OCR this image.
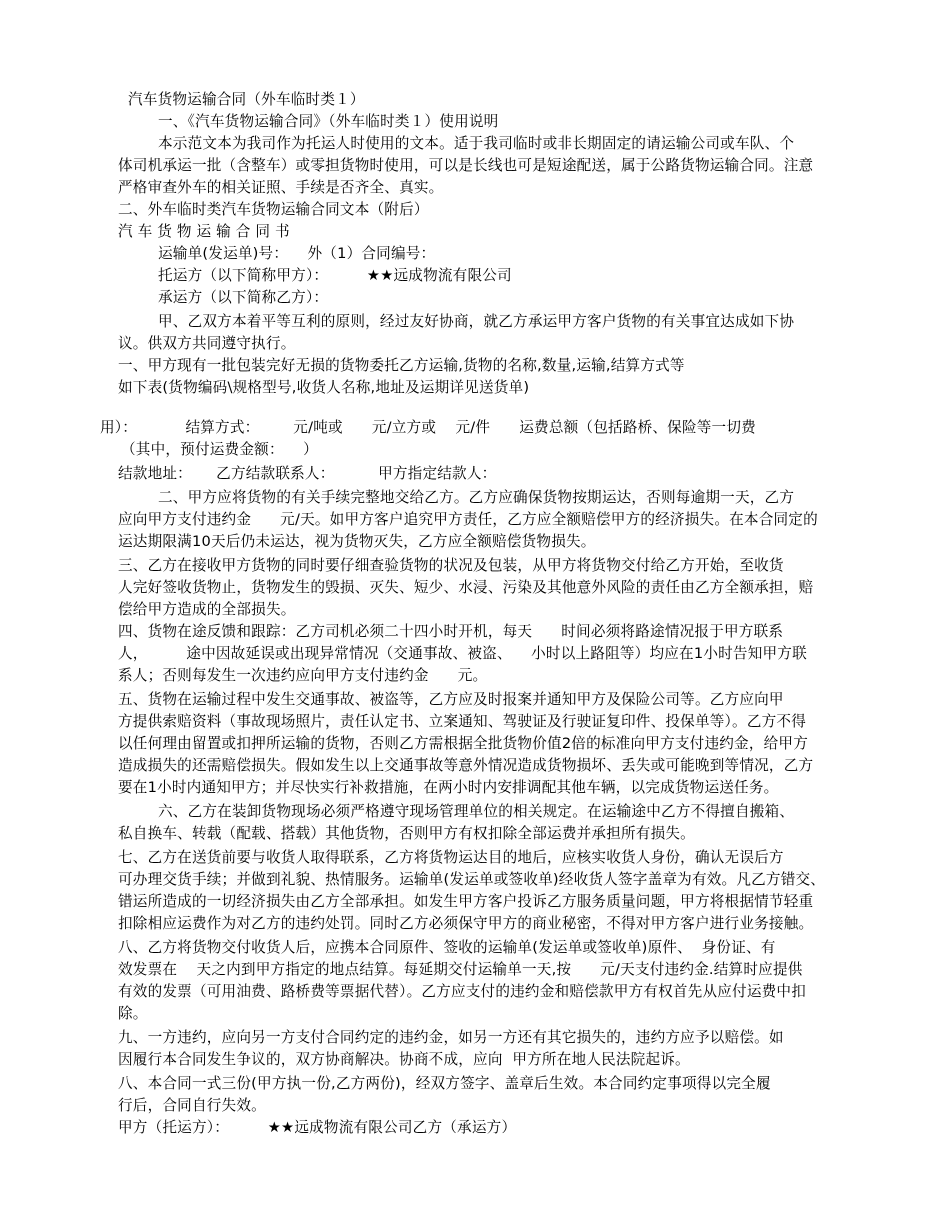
汽车货物运输合同（外车临时类１）
一、《汽车货物运输合同》（外车临时类１）使用说明
本示范文本为我司作为托运人时使用的文本。适于我司临时或非长期固定的请运输公司或车队、个
体司机承运一批（含整车）或零担货物时使用，可以是长线也可是短途配送，属于公路货物运输合同。注意
严格审查外车的相关证照、手续是否齐全、真实。
二、外车临时类汽车货物运输合同文本（附后）
汽 车 货 物 运 输 合 同 书
运输单(发运单)号：    外（1）合同编号：
托运方（以下简称甲方）：        ★★远成物流有限公司
承运方（以下简称乙方）：
甲、乙双方本着平等互利的原则，经过友好协商，就乙方承运甲方客户货物的有关事宜达成如下协
议。供双方共同遵守执行。
一、甲方现有一批包装完好无损的货物委托乙方运输,货物的名称,数量,运输,结算方式等
如下表(货物编码\规格型号,收货人名称,地址及运期详见送货单)
用）：          结算方式：       元/吨或      元/立方或    元/件      运费总额（包括路桥、保险等一切费
（其中，预付运费金额：    ）
结款地址：     乙方结款联系人：         甲方指定结款人：
二、甲方应将货物的有关手续完整地交给乙方。乙方应确保货物按期运达，否则每逾期一天，乙方
应向甲方支付违约金      元/天。如甲方客户追究甲方责任，乙方应全额赔偿甲方的经济损失。在本合同定的
运达期限满10天后仍未运达，视为货物灭失，乙方应全额赔偿货物损失。
三、乙方在接收甲方货物的同时要仔细查验货物的状况及包装，从甲方将货物交付给乙方开始，至收货
人完好签收货物止，货物发生的毁损、灭失、短少、水浸、污染及其他意外风险的责任由乙方全额承担，赔
偿给甲方造成的全部损失。
四、货物在途反馈和跟踪：乙方司机必须二十四小时开机，每天      时间必须将路途情况报于甲方联系
人，        途中因故延误或出现异常情况（交通事故、被盗、    小时以上路阻等）均应在1小时告知甲方联
系人；否则每发生一次违约应向甲方支付违约金      元。
五、货物在运输过程中发生交通事故、被盗等，乙方应及时报案并通知甲方及保险公司等。乙方应向甲
方提供索赔资料（事故现场照片，责任认定书、立案通知、驾驶证及行驶证复印件、投保单等）。乙方不得
以任何理由留置或扣押所运输的货物，否则乙方需根据全批货物价值2倍的标准向甲方支付违约金，给甲方
造成损失的还需赔偿损失。假如发生以上交通事故等意外情况造成货物损坏、丢失或可能晚到等情况，乙方
要在1小时内通知甲方；并尽快实行补救措施，在两小时内安排调配其他车辆，以完成货物运送任务。
六、乙方在装卸货物现场必须严格遵守现场管理单位的相关规定。在运输途中乙方不得擅自搬箱、
私自换车、转载（配载、搭载）其他货物，否则甲方有权扣除全部运费并承担所有损失。
七、乙方在送货前要与收货人取得联系，乙方将货物运达目的地后，应核实收货人身份，确认无误后方
可办理交货手续；并做到礼貌、热情服务。运输单(发运单或签收单)经收货人签字盖章为有效。凡乙方错交、
错运所造成的一切经济损失由乙方全部承担。如发生甲方客户投诉乙方服务质量问题，甲方将根据情节轻重
扣除相应运费作为对乙方的违约处罚。同时乙方必须保守甲方的商业秘密，不得对甲方客户进行业务接触。
八、乙方将货物交付收货人后，应携本合同原件、签收的运输单(发运单或签收单)原件、  身份证、有
效发票在    天之内到甲方指定的地点结算。每延期交付运输单一天,按      元/天支付违约金.结算时应提供
有效的发票（可用油费、路桥费等票据代替）。乙方应支付的违约金和赔偿款甲方有权首先从应付运费中扣
除。
九、一方违约，应向另一方支付合同约定的违约金，如另一方还有其它损失的，违约方应予以赔偿。如
因履行本合同发生争议的，双方协商解决。协商不成，应向  甲方所在地人民法院起诉。
八、本合同一式三份(甲方执一份,乙方两份)，经双方签字、盖章后生效。本合同约定事项得以完全履
行后，合同自行失效。
甲方（托运方）：        ★★远成物流有限公司乙方（承运方）
